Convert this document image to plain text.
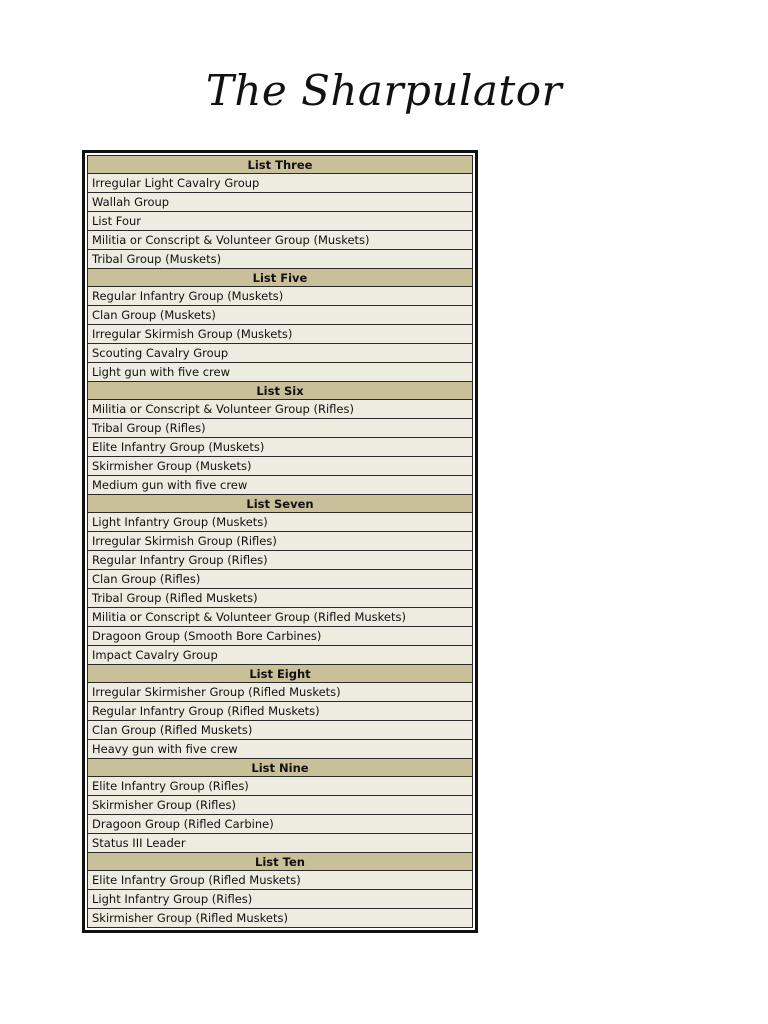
The Sharpulator
List Three
Irregular Light Cavalry Group
Wallah Group
List Four
Militia or Conscript & Volunteer Group (Muskets)
Tribal Group (Muskets)
List Five
Regular Infantry Group (Muskets)
Clan Group (Muskets)
Irregular Skirmish Group (Muskets)
Scouting Cavalry Group
Light gun with five crew
List Six
Militia or Conscript & Volunteer Group (Rifles)
Tribal Group (Rifles)
Elite Infantry Group (Muskets)
Skirmisher Group (Muskets)
Medium gun with five crew
List Seven
Light Infantry Group (Muskets)
Irregular Skirmish Group (Rifles)
Regular Infantry Group (Rifles)
Clan Group (Rifles)
Tribal Group (Rifled Muskets)
Militia or Conscript & Volunteer Group (Rifled Muskets)
Dragoon Group (Smooth Bore Carbines)
Impact Cavalry Group
List Eight
Irregular Skirmisher Group (Rifled Muskets)
Regular Infantry Group (Rifled Muskets)
Clan Group (Rifled Muskets)
Heavy gun with five crew
List Nine
Elite Infantry Group (Rifles)
Skirmisher Group (Rifles)
Dragoon Group (Rifled Carbine)
Status III Leader
List Ten
Elite Infantry Group (Rifled Muskets)
Light Infantry Group (Rifles)
Skirmisher Group (Rifled Muskets)
